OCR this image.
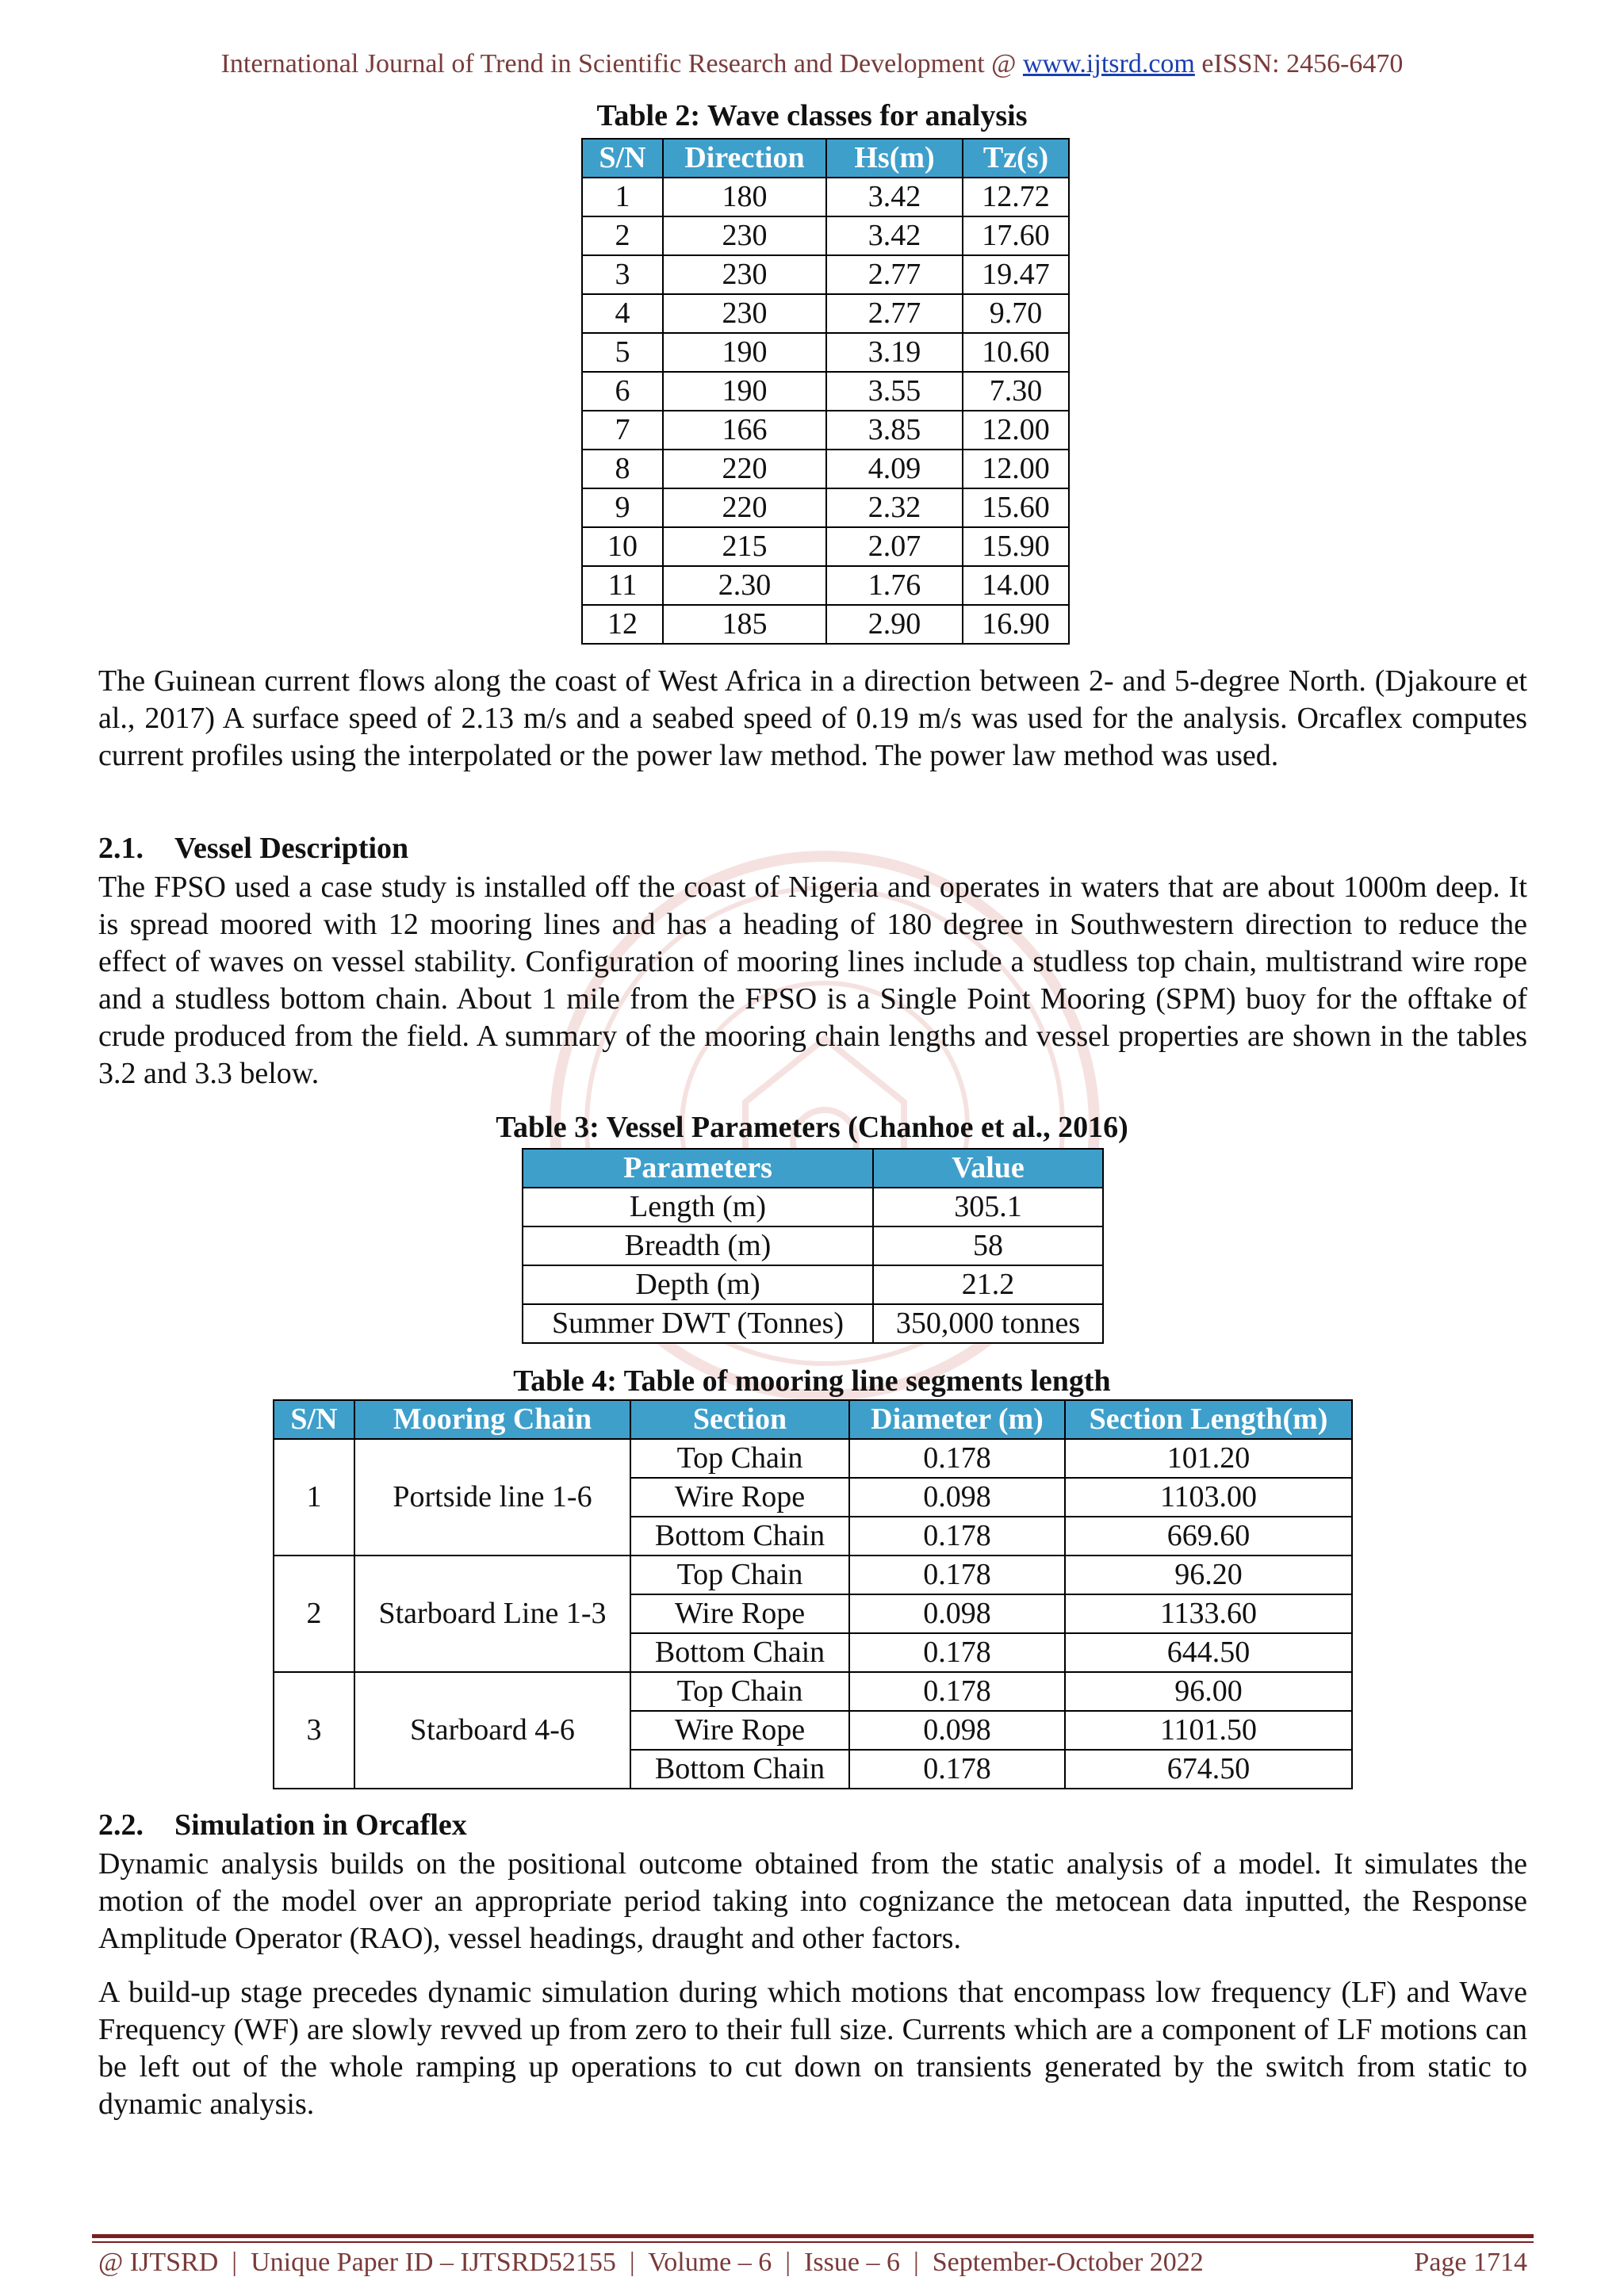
International Journal of Trend in Scientific Research and Development @ www.ijtsrd.com eISSN: 2456-6470
Table 2: Wave classes for analysis
S/N	Direction	Hs(m)	Tz(s)
1	180	3.42	12.72
2	230	3.42	17.60
3	230	2.77	19.47
4	230	2.77	9.70
5	190	3.19	10.60
6	190	3.55	7.30
7	166	3.85	12.00
8	220	4.09	12.00
9	220	2.32	15.60
10	215	2.07	15.90
11	2.30	1.76	14.00
12	185	2.90	16.90

The Guinean current flows along the coast of West Africa in a direction between 2- and 5-degree North. (Djakoure et al., 2017) A surface speed of 2.13 m/s and a seabed speed of 0.19 m/s was used for the analysis. Orcaflex computes current profiles using the interpolated or the power law method. The power law method was used.

2.1. Vessel Description

The FPSO used a case study is installed off the coast of Nigeria and operates in waters that are about 1000m deep. It is spread moored with 12 mooring lines and has a heading of 180 degree in Southwestern direction to reduce the effect of waves on vessel stability. Configuration of mooring lines include a studless top chain, multistrand wire rope and a studless bottom chain. About 1 mile from the FPSO is a Single Point Mooring (SPM) buoy for the offtake of crude produced from the field. A summary of the mooring chain lengths and vessel properties are shown in the tables 3.2 and 3.3 below.

Table 3: Vessel Parameters (Chanhoe et al., 2016)
Parameters	Value
Length (m)	305.1
Breadth (m)	58
Depth (m)	21.2
Summer DWT (Tonnes)	350,000 tonnes
Table 4: Table of mooring line segments length
S/N	Mooring Chain	Section	Diameter (m)	Section Length(m)
1	Portside line 1-6	Top Chain	0.178	101.20
		Wire Rope	0.098	1103.00
		Bottom Chain	0.178	669.60
2	Starboard Line 1-3	Top Chain	0.178	96.20
		Wire Rope	0.098	1133.60
		Bottom Chain	0.178	644.50
3	Starboard 4-6	Top Chain	0.178	96.00
		Wire Rope	0.098	1101.50
		Bottom Chain	0.178	674.50

2.2. Simulation in Orcaflex

Dynamic analysis builds on the positional outcome obtained from the static analysis of a model. It simulates the motion of the model over an appropriate period taking into cognizance the metocean data inputted, the Response Amplitude Operator (RAO), vessel headings, draught and other factors.

A build-up stage precedes dynamic simulation during which motions that encompass low frequency (LF) and Wave Frequency (WF) are slowly revved up from zero to their full size. Currents which are a component of LF motions can be left out of the whole ramping up operations to cut down on transients generated by the switch from static to dynamic analysis.

@ IJTSRD  |  Unique Paper ID – IJTSRD52155  |  Volume – 6  |  Issue – 6  |  September-October 2022	Page 1714
